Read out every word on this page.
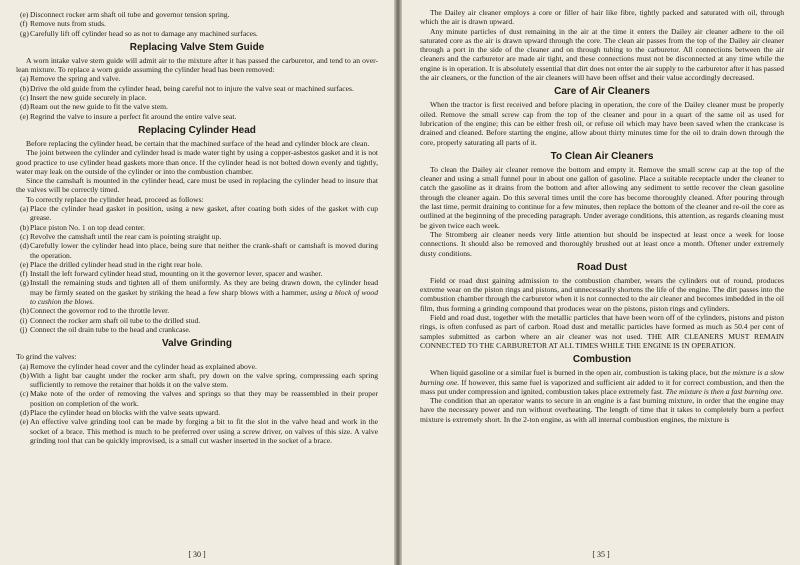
(e) Disconnect rocker arm shaft oil tube and governor tension spring.
(f) Remove nuts from studs.
(g)Carefully lift off cylinder head so as not to damage any machined surfaces.
Replacing Valve Stem Guide

A worn intake valve stem guide will admit air to the mixture after it has passed the carburetor, and tend to an over-lean mixture. To replace a worn guide assuming the cylinder head has been removed:

(a) Remove the spring and valve.
(b)Drive the old guide from the cylinder head, being careful not to injure the valve seat or machined surfaces.
(c) Insert the new guide securely in place.
(d)Ream out the new guide to fit the valve stem.
(e) Regrind the valve to insure a perfect fit around the entire valve seat.
Replacing Cylinder Head

Before replacing the cylinder head, be certain that the machined surface of the head and cylinder block are clean.

The joint between the cylinder and cylinder head is made water tight by using a copper-asbestos gasket and it is not good practice to use cylinder head gaskets more than once. If the cylinder head is not bolted down evenly and tightly, water may leak on the outside of the cylinder or into the combustion chamber.

Since the camshaft is mounted in the cylinder head, care must be used in replacing the cylinder head to insure that the valves will be correctly timed.

To correctly replace the cylinder head, proceed as follows:

(a) Place the cylinder head gasket in position, using a new gasket, after coating both sides of the gasket with cup grease.
(b)Place piston No. 1 on top dead center.
(c) Revolve the camshaft until the rear cam is pointing straight up.
(d)Carefully lower the cylinder head into place, being sure that neither the crank-shaft or camshaft is moved during the operation.
(e) Place the drilled cylinder head stud in the right rear hole.
(f) Install the left forward cylinder head stud, mounting on it the governor lever, spacer and washer.
(g)Install the remaining studs and tighten all of them uniformly. As they are being drawn down, the cylinder head may be firmly seated on the gasket by striking the head a few sharp blows with a hammer, using a block of wood to cushion the blows.
(h)Connect the governor rod to the throttle lever.
(i) Connect the rocker arm shaft oil tube to the drilled stud.
(j) Connect the oil drain tube to the head and crankcase.
Valve Grinding

To grind the valves:

(a) Remove the cylinder head cover and the cylinder head as explained above.
(b)With a light bar caught under the rocker arm shaft, pry down on the valve spring, compressing each spring sufficiently to remove the retainer that holds it on the valve stem.
(c) Make note of the order of removing the valves and springs so that they may be reassembled in their proper position on completion of the work.
(d)Place the cylinder head on blocks with the valve seats upward.
(e) An effective valve grinding tool can be made by forging a bit to fit the slot in the valve head and work in the socket of a brace. This method is much to be preferred over using a screw driver, on valves of this size. A valve grinding tool that can be quickly improvised, is a small cut washer inserted in the socket of a brace.
[ 30 ]

The Dailey air cleaner employs a core or filler of hair like fibre, tightly packed and saturated with oil, through which the air is drawn upward.

Any minute particles of dust remaining in the air at the time it enters the Dailey air cleaner adhere to the oil saturated core as the air is drawn upward through the core. The clean air passes from the top of the Dailey air cleaner through a port in the side of the cleaner and on through tubing to the carburetor. All connections between the air cleaners and the carburetor are made air tight, and these connections must not be disconnected at any time while the engine is in operation. It is absolutely essential that dirt does not enter the air supply to the carburetor after it has passed the air cleaners, or the function of the air cleaners will have been offset and their value accordingly decreased.

Care of Air Cleaners

When the tractor is first received and before placing in operation, the core of the Dailey cleaner must be properly oiled. Remove the small screw cap from the top of the cleaner and pour in a quart of the same oil as used for lubrication of the engine; this can be either fresh oil, or refuse oil which may have been saved when the crankcase is drained and cleaned. Before starting the engine, allow about thirty minutes time for the oil to drain down through the core, properly saturating all parts of it.

To Clean Air Cleaners

To clean the Dailey air cleaner remove the bottom and empty it. Remove the small screw cap at the top of the cleaner and using a small funnel pour in about one gallon of gasoline. Place a suitable receptacle under the cleaner to catch the gasoline as it drains from the bottom and after allowing any sediment to settle recover the clean gasoline through the cleaner again. Do this several times until the core has become thoroughly cleaned. After pouring through the last time, permit draining to continue for a few minutes, then replace the bottom of the cleaner and re-oil the core as outlined at the beginning of the preceding paragraph. Under average conditions, this attention, as regards cleaning must be given twice each week.

The Stromberg air cleaner needs very little attention but should be inspected at least once a week for loose connections. It should also be removed and thoroughly brushed out at least once a month. Oftener under extremely dusty conditions.

Road Dust

Field or road dust gaining admission to the combustion chamber, wears the cylinders out of round, produces extreme wear on the piston rings and pistons, and unnecessarily shortens the life of the engine. The dirt passes into the combustion chamber through the carburetor when it is not connected to the air cleaner and becomes imbedded in the oil film, thus forming a grinding compound that produces wear on the pistons, piston rings and cylinders.

Field and road dust, together with the metallic particles that have been worn off of the cylinders, pistons and piston rings, is often confused as part of carbon. Road dust and metallic particles have formed as much as 50.4 per cent of samples submitted as carbon where an air cleaner was not used. THE AIR CLEANERS MUST REMAIN CONNECTED TO THE CARBURETOR AT ALL TIMES WHILE THE ENGINE IS IN OPERATION.

Combustion

When liquid gasoline or a similar fuel is burned in the open air, combustion is taking place, but the mixture is a slow burning one. If however, this same fuel is vaporized and sufficient air added to it for correct combustion, and then the mass put under compression and ignited, combustion takes place extremely fast. The mixture is then a fast burning one.

The condition that an operator wants to secure in an engine is a fast burning mixture, in order that the engine may have the necessary power and run without overheating. The length of time that it takes to completely burn a perfect mixture is extremely short. In the 2-ton engine, as with all internal combustion engines, the mixture is

[ 35 ]
